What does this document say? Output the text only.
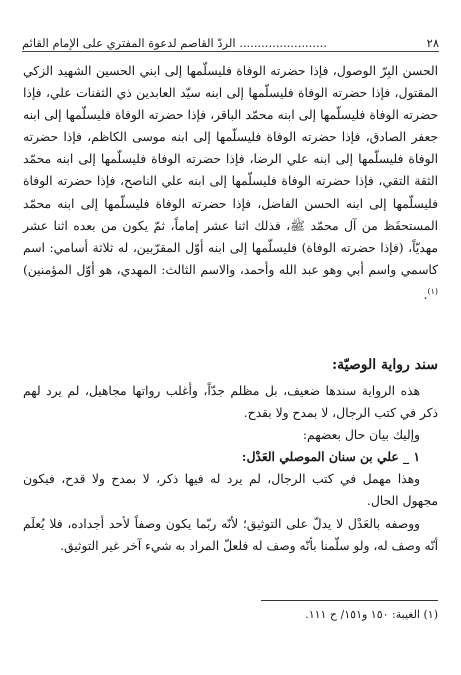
٢٨
........................ الردّ القاصم لدعوة المفتري على الإمام القائم

الحسن البِرّ الوصول، فإذا حضرته الوفاة فليسلّمها إلى ابني الحسين الشهيد الزكي المقتول، فإذا حضرته الوفاة فليسلّمها إلى ابنه سيّد العابدين ذي الثفنات علي، فإذا حضرته الوفاة فليسلّمها إلى ابنه محمّد الباقر، فإذا حضرته الوفاة فليسلّمها إلى ابنه جعفر الصادق، فإذا حضرته الوفاة فليسلّمها إلى ابنه موسى الكاظم، فإذا حضرته الوفاة فليسلّمها إلى ابنه علي الرضا، فإذا حضرته الوفاة فليسلّمها إلى ابنه محمّد الثقة التقي، فإذا حضرته الوفاة فليسلّمها إلى ابنه علي الناصح، فإذا حضرته الوفاة فليسلّمها إلى ابنه الحسن الفاضل، فإذا حضرته الوفاة فليسلّمها إلى ابنه محمّد المستحفَظ من آل محمّد ﷺ، فذلك اثنا عشر إماماً، ثمّ يكون من بعده اثنا عشر مهديّاً، (فإذا حضرته الوفاة) فليسلّمها إلى ابنه أوّل المقرّبين، له ثلاثة أسامي: اسم كاسمي واسم أبي وهو عبد الله وأحمد، والاسم الثالث: المهدي، هو أوّل المؤمنين)$^{(١)}$.

سند رواية الوصيّة:

هذه الرواية سندها ضعيف، بل مظلم جدّاً، وأغلب رواتها مجاهيل، لم يرد لهم ذكر في كتب الرجال، لا بمدح ولا بقدح.

وإليك بيان حال بعضهم:

١ _ علي بن سنان الموصلي العَدْل:

وهذا مهمل في كتب الرجال، لم يرد له فيها ذكر، لا بمدح ولا قدح، فيكون مجهول الحال.

ووصفه بالعَدْل لا يدلّ على التوثيق؛ لأنّه ربّما يكون وصفاً لأحد أجداده، فلا يُعلَم أنّه وصف له، ولو سلّمنا بأنّه وصف له فلعلّ المراد به شيء آخر غير التوثيق.

(١) الغيبة: ١٥٠ و١٥١/ ح ١١١.
